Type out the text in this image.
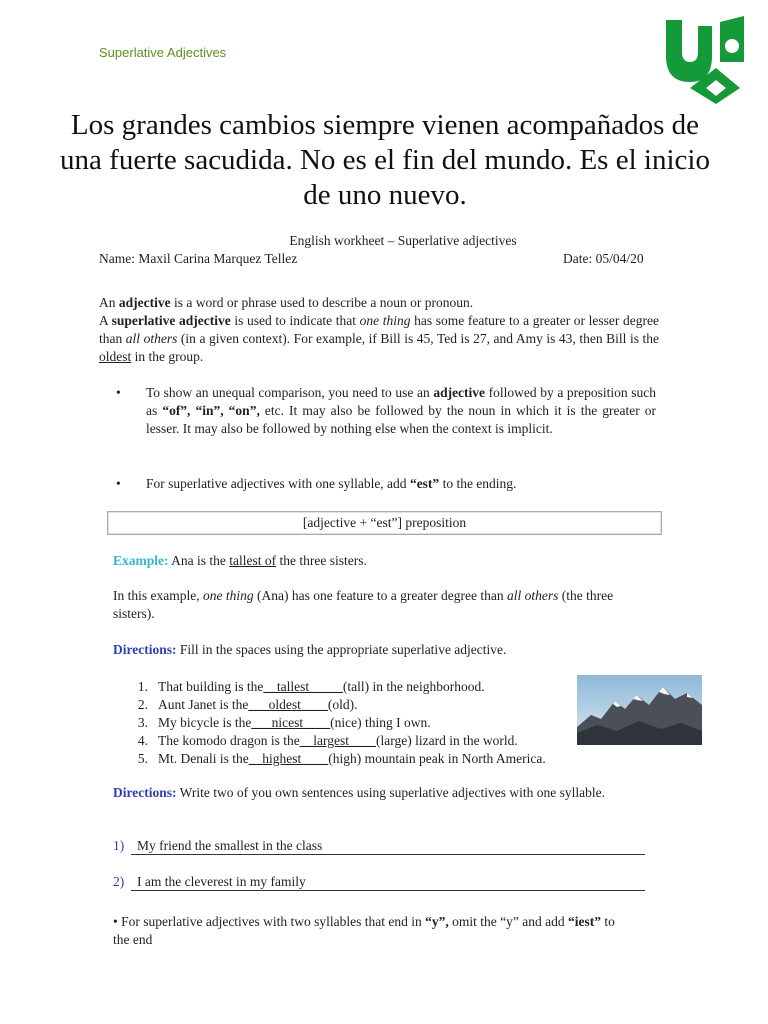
Superlative Adjectives
Los grandes cambios siempre vienen acompañados de una fuerte sacudida. No es el fin del mundo. Es el inicio de uno nuevo.
English workheet – Superlative adjectives
Name: Maxil Carina Marquez Tellez	Date: 05/04/20
An adjective is a word or phrase used to describe a noun or pronoun.
A superlative adjective is used to indicate that one thing has some feature to a greater or lesser degree than all others (in a given context). For example, if Bill is 45, Ted is 27, and Amy is 43, then Bill is the oldest in the group.
•	To show an unequal comparison, you need to use an adjective followed by a preposition such as “of”, “in”, “on”, etc. It may also be followed by the noun in which it is the greater or lesser. It may also be followed by nothing else when the context is implicit.
•	For superlative adjectives with one syllable, add “est” to the ending.
[adjective + “est”] preposition
Example: Ana is the tallest of the three sisters.
In this example, one thing (Ana) has one feature to a greater degree than all others (the three sisters).
Directions: Fill in the spaces using the appropriate superlative adjective.
1. That building is the __tallest_____ (tall) in the neighborhood.
2. Aunt Janet is the ___oldest____ (old).
3. My bicycle is the ___nicest____ (nice) thing I own.
4. The komodo dragon is the __largest____ (large) lizard in the world.
5. Mt. Denali is the __highest____ (high) mountain peak in North America.
Directions: Write two of you own sentences using superlative adjectives with one syllable.
1) My friend the smallest in the class
2) I am the cleverest in my family
• For superlative adjectives with two syllables that end in “y”, omit the “y” and add “iest” to the end
